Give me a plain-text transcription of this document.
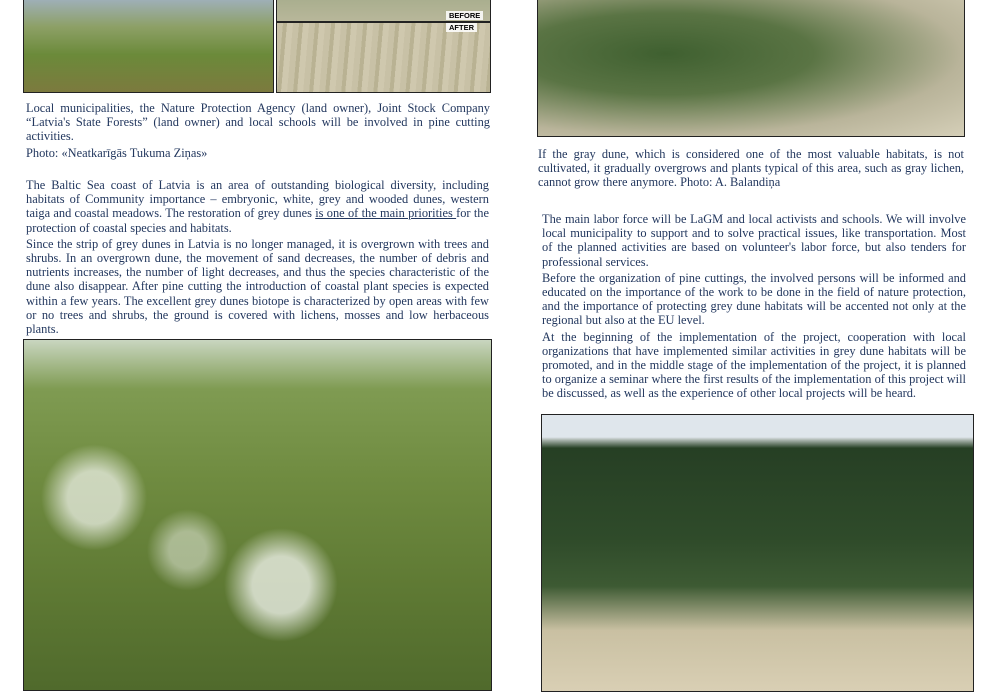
BEFORE
AFTER

Local municipalities, the Nature Protection Agency (land owner), Joint Stock Company “Latvia's State Forests” (land owner) and local schools will be involved in pine cutting activities.

Photo: «Neatkarīgās Tukuma Ziņas»

The Baltic Sea coast of Latvia is an area of outstanding biological diversity, including habitats of Community importance – embryonic, white, grey and wooded dunes, western taiga and coastal meadows. The restoration of grey dunes is one of the main priorities for the protection of coastal species and habitats.

Since the strip of grey dunes in Latvia is no longer managed, it is overgrown with trees and shrubs. In an overgrown dune, the movement of sand decreases, the number of debris and nutrients increases, the number of light decreases, and thus the species characteristic of the dune also disappear. After pine cutting the introduction of coastal plant species is expected within a few years. The excellent grey dunes biotope is characterized by open areas with few or no trees and shrubs, the ground is covered with lichens, mosses and low herbaceous plants.

If the gray dune, which is considered one of the most valuable habitats, is not cultivated, it gradually overgrows and plants typical of this area, such as gray lichen, cannot grow there anymore. Photo: A. Balandiņa

The main labor force will be LaGM and local activists and schools. We will involve local municipality to support and to solve practical issues, like transportation. Most of the planned activities are based on volunteer's labor force, but also tenders for professional services.

Before the organization of pine cuttings, the involved persons will be informed and educated on the importance of the work to be done in the field of nature protection, and the importance of protecting grey dune habitats will be accented not only at the regional but also at the EU level.

At the beginning of the implementation of the project, cooperation with local organizations that have implemented similar activities in grey dune habitats will be promoted, and in the middle stage of the implementation of the project, it is planned to organize a seminar where the first results of the implementation of this project will be discussed, as well as the experience of other local projects will be heard.
